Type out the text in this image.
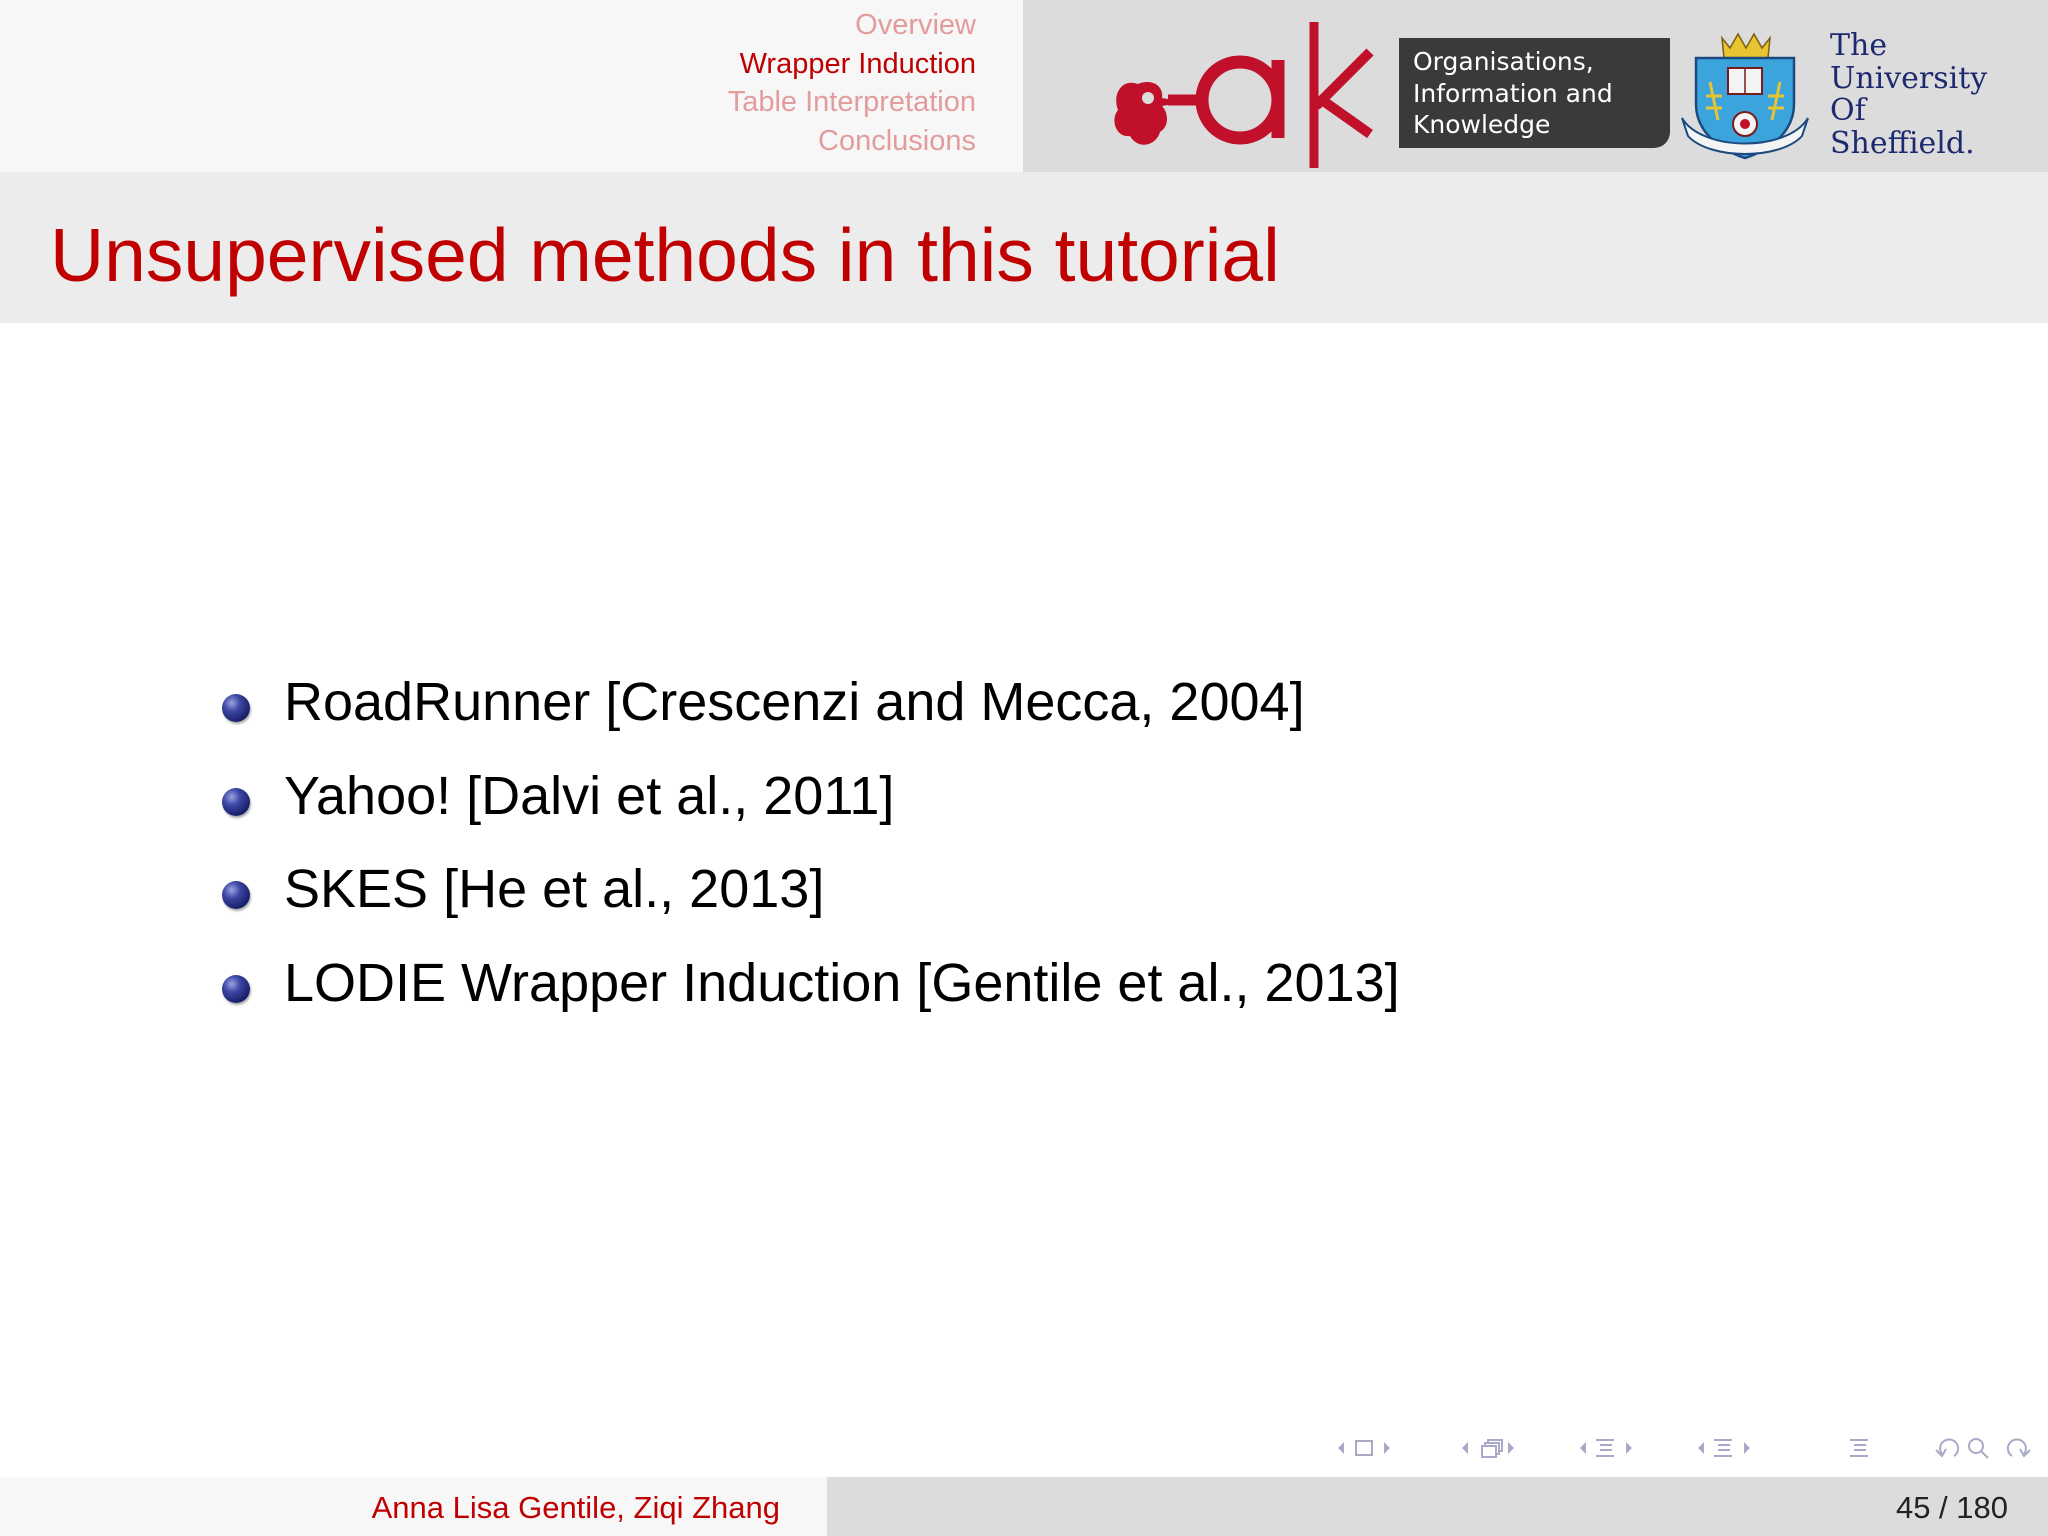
Overview
Wrapper Induction
Table Interpretation
Conclusions
Organisations,
Information and
Knowledge
The
University
Of
Sheffield.
Unsupervised methods in this tutorial
RoadRunner [Crescenzi and Mecca, 2004]
Yahoo! [Dalvi et al., 2011]
SKES [He et al., 2013]
LODIE Wrapper Induction [Gentile et al., 2013]
Anna Lisa Gentile, Ziqi Zhang	45 / 180
